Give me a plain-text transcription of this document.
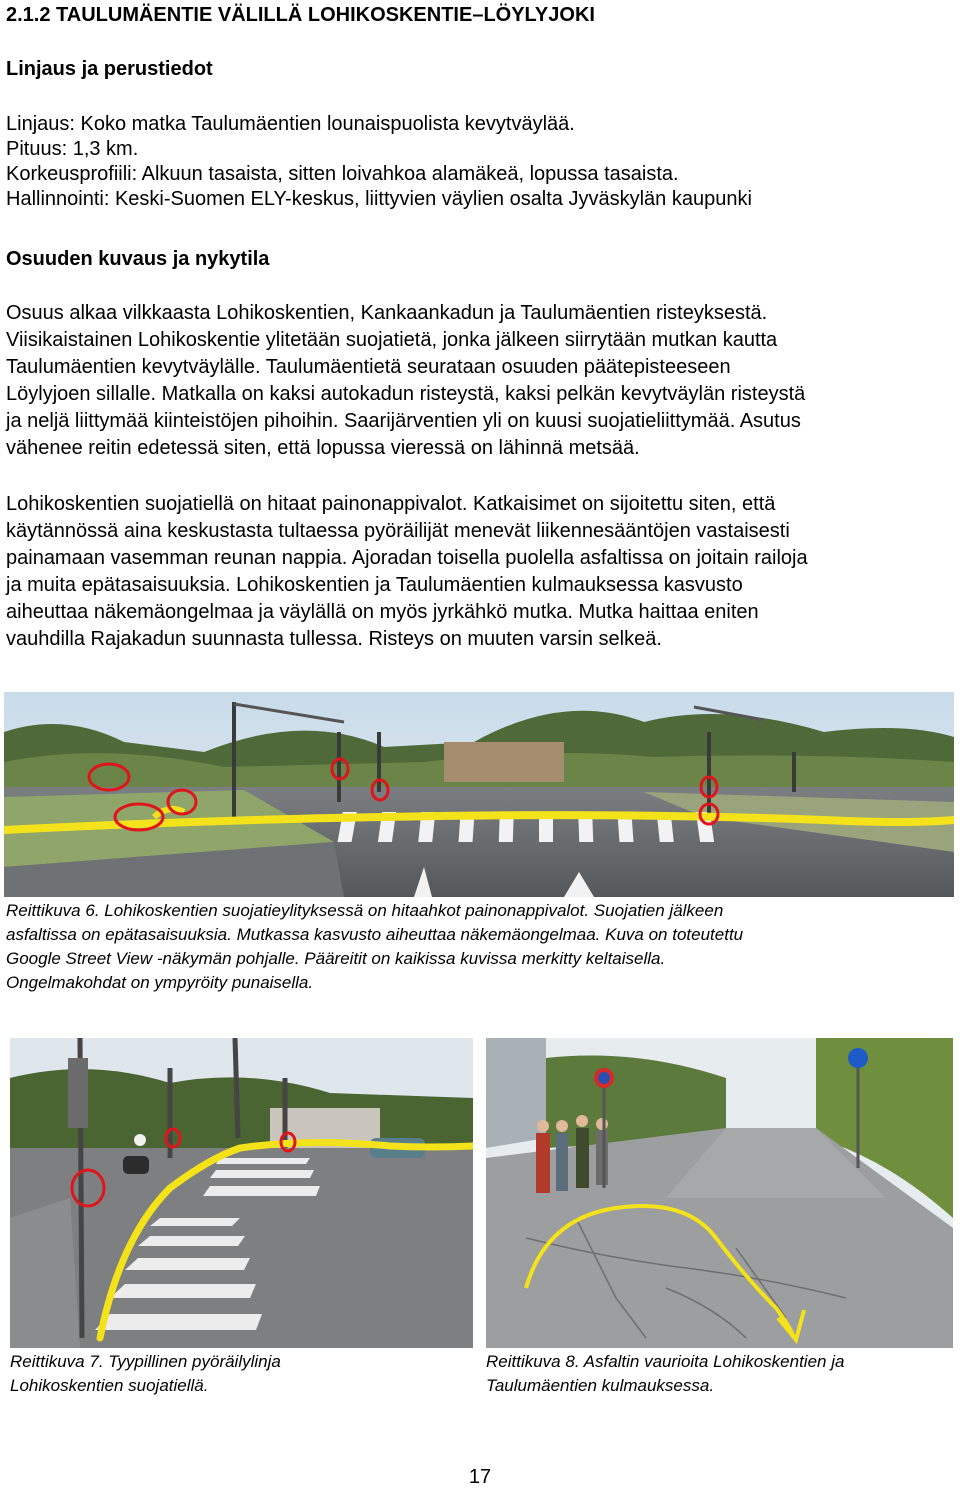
2.1.2 TAULUMÄENTIE VÄLILLÄ LOHIKOSKENTIE–LÖYLYJOKI
Linjaus ja perustiedot

Linjaus: Koko matka Taulumäentien lounaispuolista kevytväylää.
Pituus: 1,3 km.
Korkeusprofiili: Alkuun tasaista, sitten loivahkoa alamäkeä, lopussa tasaista.
Hallinnointi: Keski-Suomen ELY-keskus, liittyvien väylien osalta Jyväskylän kaupunki

Osuuden kuvaus ja nykytila

Osuus alkaa vilkkaasta Lohikoskentien, Kankaankadun ja Taulumäentien risteyksestä.
Viisikaistainen Lohikoskentie ylitetään suojatietä, jonka jälkeen siirrytään mutkan kautta
Taulumäentien kevytväylälle. Taulumäentietä seurataan osuuden päätepisteeseen
Löylyjoen sillalle. Matkalla on kaksi autokadun risteystä, kaksi pelkän kevytväylän risteystä
ja neljä liittymää kiinteistöjen pihoihin. Saarijärventien yli on kuusi suojatieliittymää. Asutus
vähenee reitin edetessä siten, että lopussa vieressä on lähinnä metsää.

Lohikoskentien suojatiellä on hitaat painonappivalot. Katkaisimet on sijoitettu siten, että
käytännössä aina keskustasta tultaessa pyöräilijät menevät liikennesääntöjen vastaisesti
painamaan vasemman reunan nappia. Ajoradan toisella puolella asfaltissa on joitain railoja
ja muita epätasaisuuksia. Lohikoskentien ja Taulumäentien kulmauksessa kasvusto
aiheuttaa näkemäongelmaa ja väylällä on myös jyrkähkö mutka. Mutka haittaa eniten
vauhdilla Rajakadun suunnasta tullessa. Risteys on muuten varsin selkeä.

Reittikuva 6. Lohikoskentien suojatieylityksessä on hitaahkot painonappivalot. Suojatien jälkeen
asfaltissa on epätasaisuuksia. Mutkassa kasvusto aiheuttaa näkemäongelmaa. Kuva on toteutettu
Google Street View -näkymän pohjalle. Pääreitit on kaikissa kuvissa merkitty keltaisella.
Ongelmakohdat on ympyröity punaisella.

Reittikuva 7. Tyypillinen pyöräilylinja
Lohikoskentien suojatiellä.

Reittikuva 8. Asfaltin vaurioita Lohikoskentien ja
Taulumäentien kulmauksessa.

17
